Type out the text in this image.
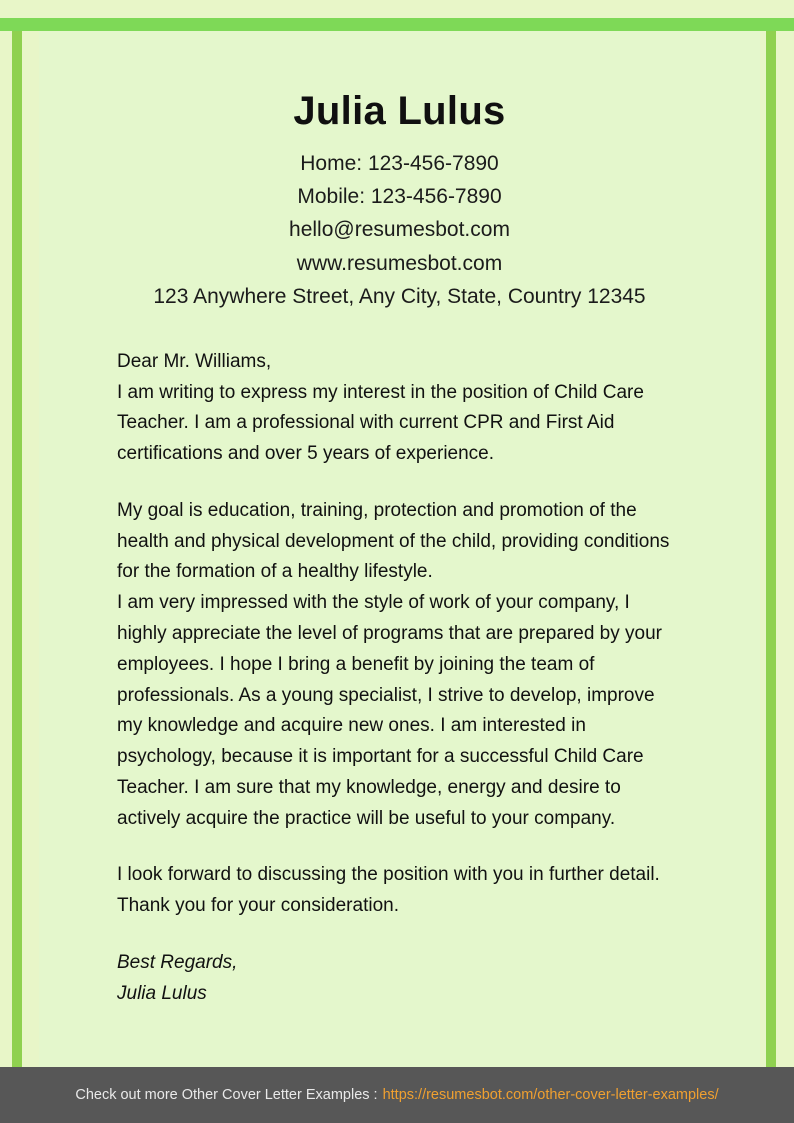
Julia Lulus
Home: 123-456-7890
Mobile: 123-456-7890
hello@resumesbot.com
www.resumesbot.com
123 Anywhere Street, Any City, State, Country 12345

Dear Mr. Williams,

I am writing to express my interest in the position of Child Care Teacher. I am a professional with current CPR and First Aid certifications and over 5 years of experience.

My goal is education, training, protection and promotion of the health and physical development of the child, providing conditions for the formation of a healthy lifestyle.

I am very impressed with the style of work of your company, I highly appreciate the level of programs that are prepared by your employees. I hope I bring a benefit by joining the team of professionals. As a young specialist, I strive to develop, improve my knowledge and acquire new ones. I am interested in psychology, because it is important for a successful Child Care Teacher. I am sure that my knowledge, energy and desire to actively acquire the practice will be useful to your company.

I look forward to discussing the position with you in further detail. Thank you for your consideration.

Best Regards,

Julia Lulus

Check out more Other Cover Letter Examples : https://resumesbot.com/other-cover-letter-examples/
